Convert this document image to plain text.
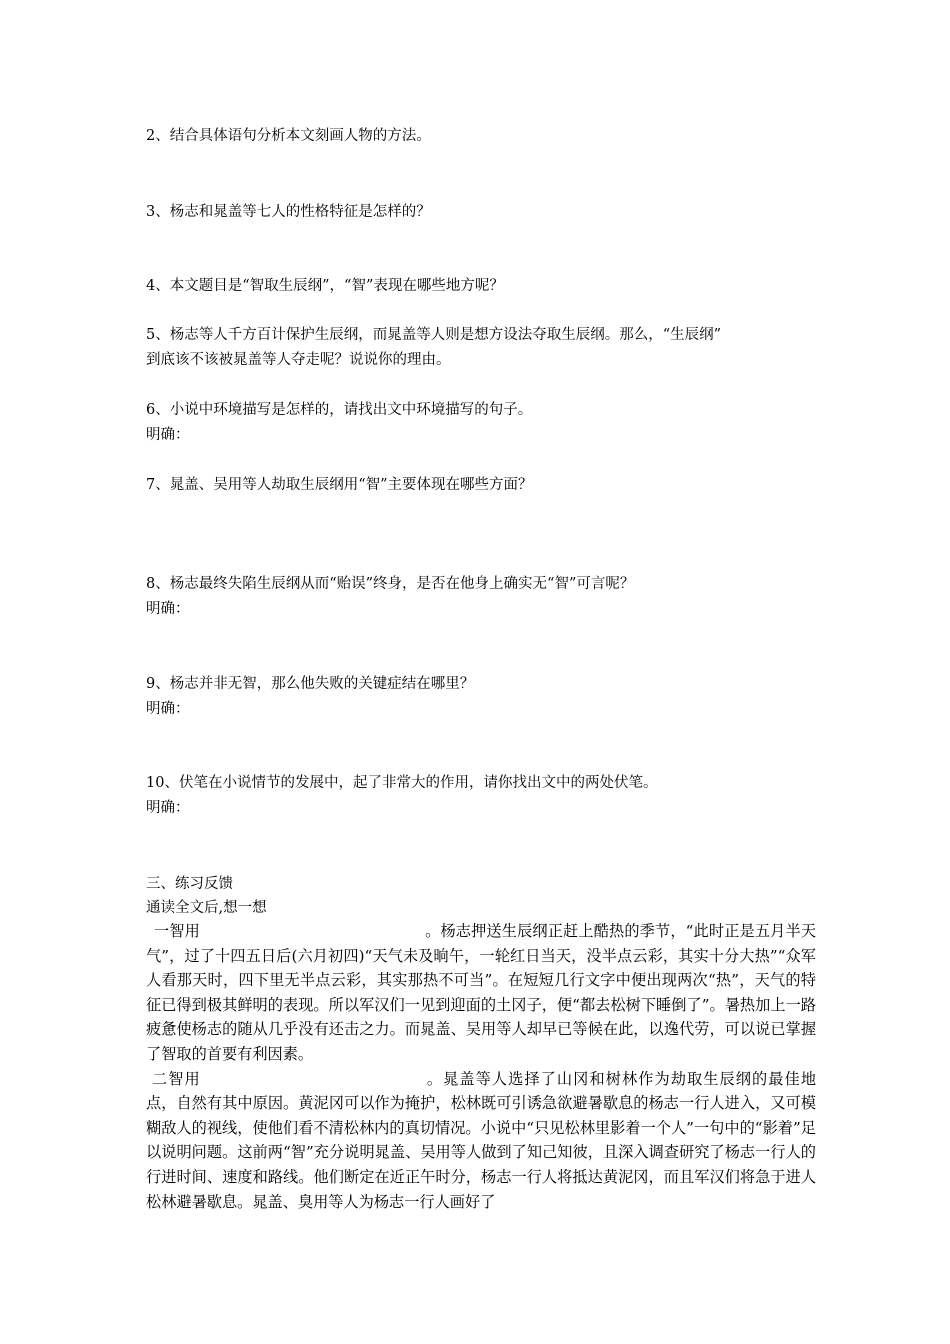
2、结合具体语句分析本文刻画人物的方法。
3、杨志和晁盖等七人的性格特征是怎样的？
4、本文题目是“智取生辰纲”，“智”表现在哪些地方呢？
5、杨志等人千方百计保护生辰纲，而晁盖等人则是想方设法夺取生辰纲。那么，“生辰纲”
到底该不该被晁盖等人夺走呢？说说你的理由。
6、小说中环境描写是怎样的，请找出文中环境描写的句子。
明确：
7、晁盖、吴用等人劫取生辰纲用“智”主要体现在哪些方面？
8、杨志最终失陷生辰纲从而“贻误”终身，是否在他身上确实无“智”可言呢？
明确：
9、杨志并非无智，那么他失败的关键症结在哪里？
明确：
10、伏笔在小说情节的发展中，起了非常大的作用，请你找出文中的两处伏笔。
明确：
三、练习反馈
通读全文后,想一想

一智用	。杨志押送生辰纲正赶上酷热的季节，“此时正是五月半天气”，过了十四五日后(六月初四)“天气未及晌午，一轮红日当天，没半点云彩，其实十分大热”“众军人看那天时，四下里无半点云彩，其实那热不可当”。在短短几行文字中便出现两次“热”，天气的特征已得到极其鲜明的表现。所以军汉们一见到迎面的土冈子，便“都去松树下睡倒了”。暑热加上一路疲惫使杨志的随从几乎没有还击之力。而晁盖、吴用等人却早已等候在此，以逸代劳，可以说已掌握了智取的首要有利因素。

二智用	。晁盖等人选择了山冈和树林作为劫取生辰纲的最佳地点，自然有其中原因。黄泥冈可以作为掩护，松林既可引诱急欲避暑歇息的杨志一行人进入，又可模糊敌人的视线，使他们看不清松林内的真切情况。小说中“只见松林里影着一个人”一句中的“影着”足以说明问题。这前两“智”充分说明晁盖、吴用等人做到了知己知彼，且深入调查研究了杨志一行人的行进时间、速度和路线。他们断定在近正午时分，杨志一行人将抵达黄泥冈，而且军汉们将急于进人松林避暑歇息。晁盖、臭用等人为杨志一行人画好了
